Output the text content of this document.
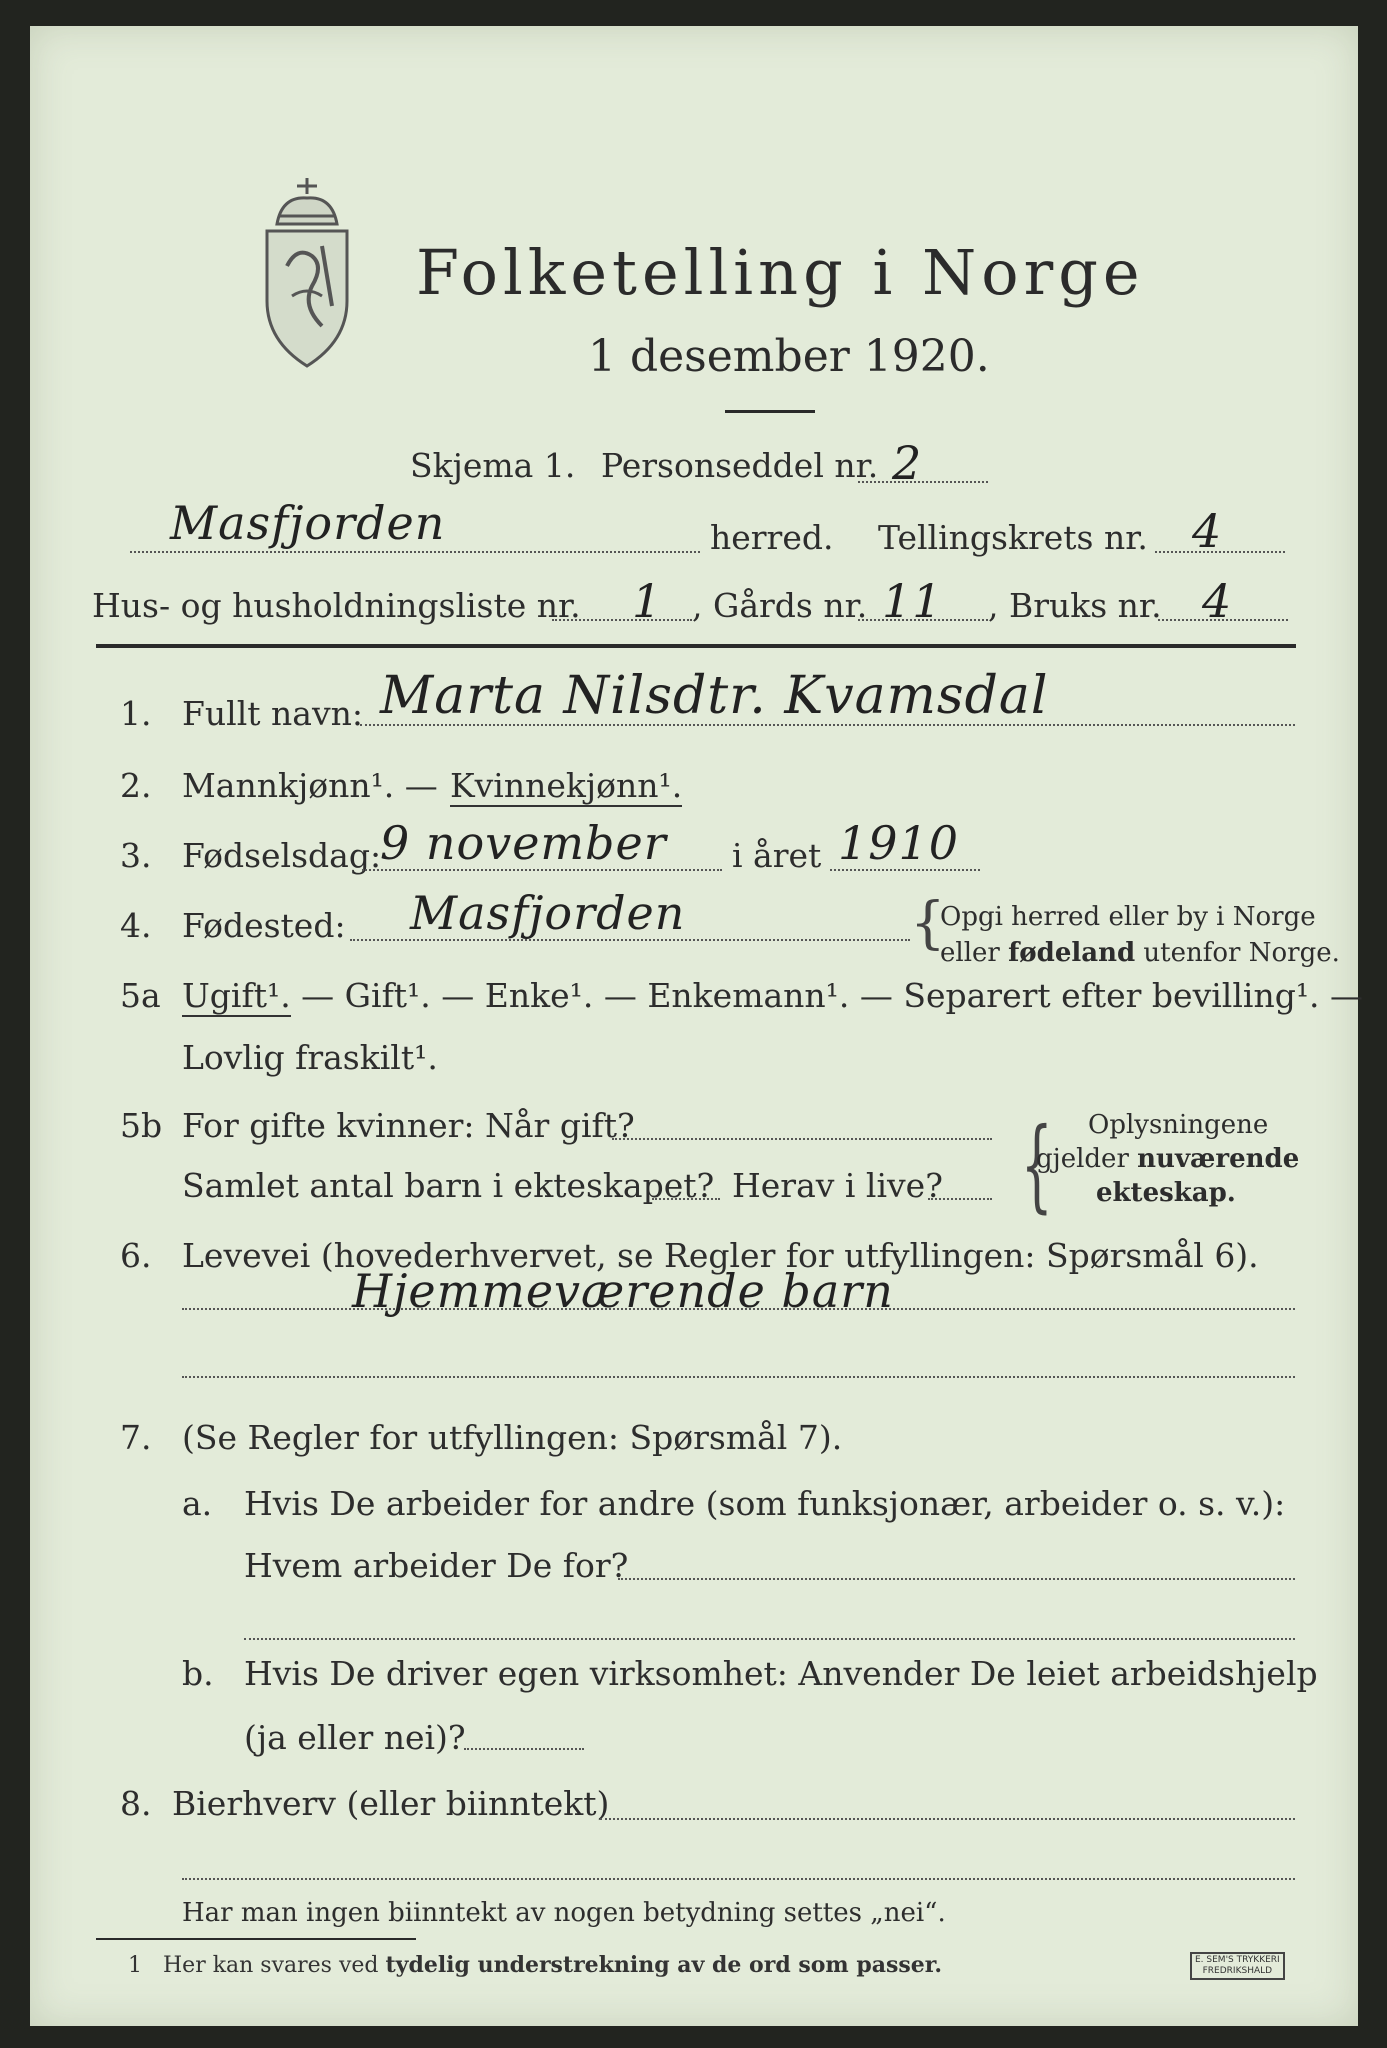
Folketelling i Norge
1 desember 1920.
Skjema 1. Personseddel nr. 2
Masfjorden	herred. Tellingskrets nr. 4
Hus- og husholdningsliste nr. 1 , Gårds nr. 11 , Bruks nr. 4
1. Fullt navn: Marta Nilsdtr. Kvamsdal
2. Mannkjønn¹. — Kvinnekjønn¹.
3. Fødselsdag:
9 november i året 1910
4. Fødested: Masfjorden	{
Opgi herred eller by i Norge
eller fødeland utenfor Norge.
5a Ugift¹. — Gift¹. — Enke¹. — Enkemann¹. — Separert efter bevilling¹. —
Lovlig fraskilt¹.
5b For gifte kvinner: Når gift?
Samlet antal barn i ekteskapet? Herav i live? { Oplysningene
gjelder nuværende
ekteskap.
6. Levevei (hovederhvervet, se Regler for utfyllingen: Spørsmål 6).
Hjemmeværende barn
7. (Se Regler for utfyllingen: Spørsmål 7).
a. Hvis De arbeider for andre (som funksjonær, arbeider o. s. v.):
Hvem arbeider De for?
b. Hvis De driver egen virksomhet: Anvender De leiet arbeidshjelp
(ja eller nei)?
8. Bierhverv (eller biinntekt)
Har man ingen biinntekt av nogen betydning settes „nei“.
1 Her kan svares ved tydelig understrekning av de ord som passer.	E. SEM'S TRYKKERI
FREDRIKSHALD
